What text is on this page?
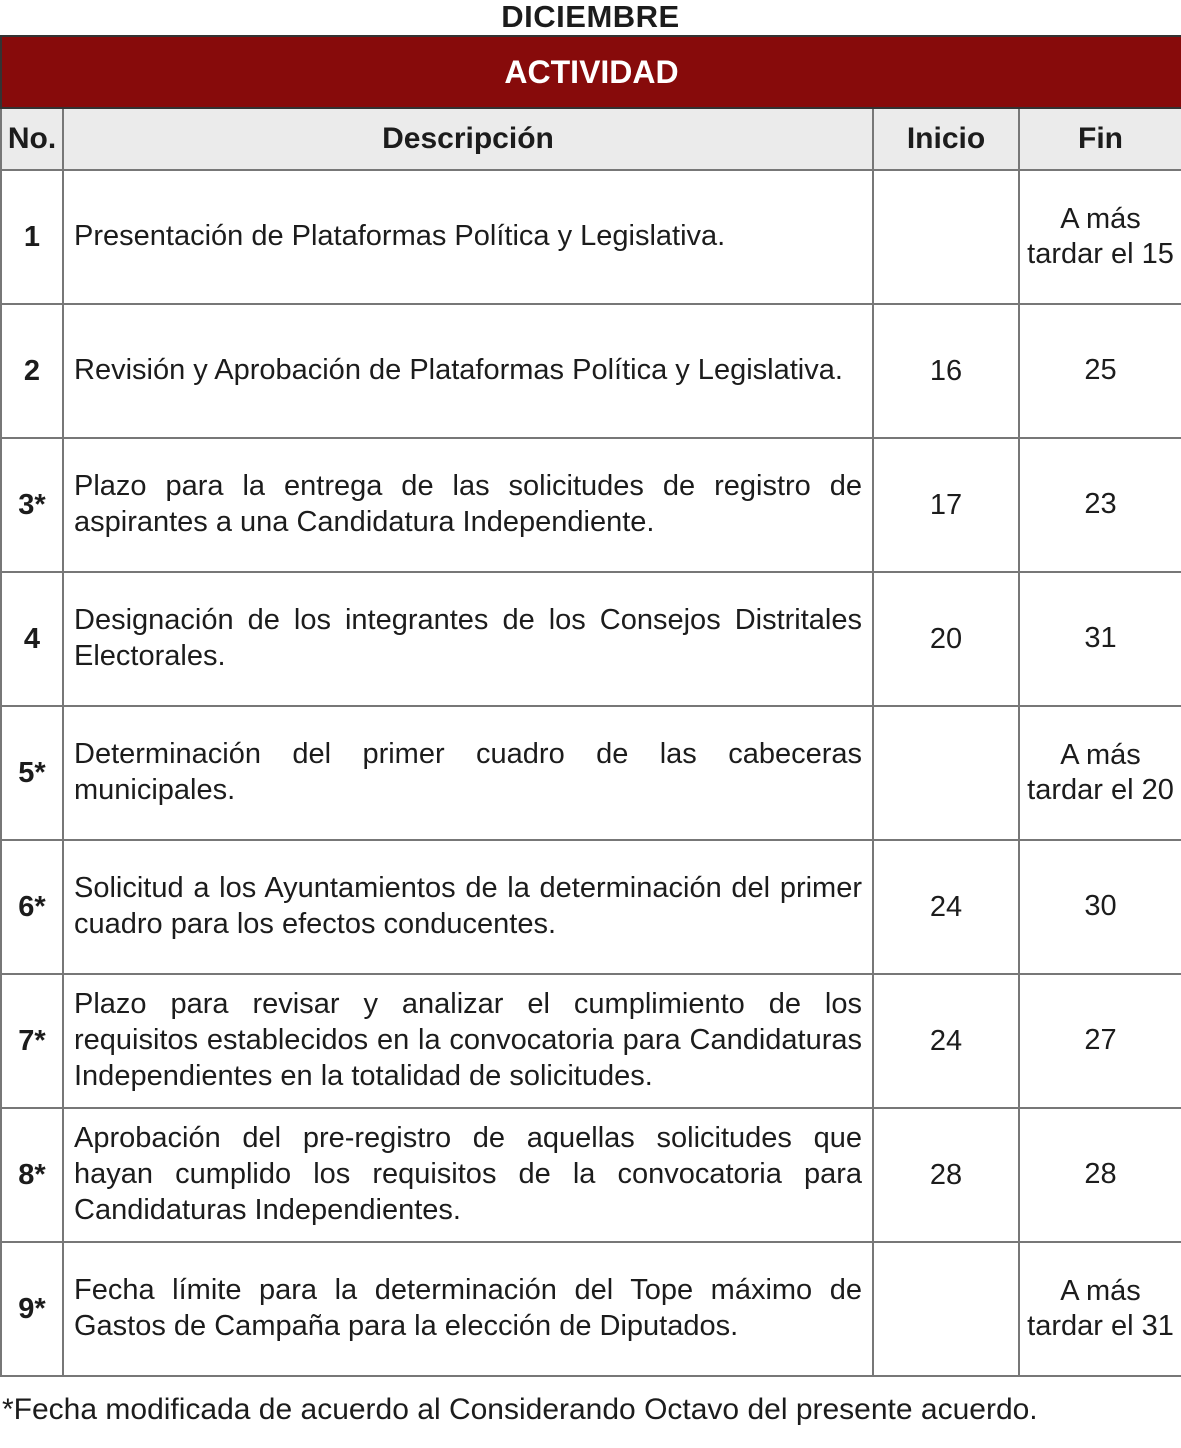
DICIEMBRE
ACTIVIDAD			
No.	Descripción	Inicio	Fin
1	Presentación de Plataformas Política y Legislativa.		A más tardar el 15
2	Revisión y Aprobación de Plataformas Política y Legislativa.	16	25
3*	Plazo para la entrega de las solicitudes de registro de aspirantes a una Candidatura Independiente.	17	23
4	Designación de los integrantes de los Consejos Distritales Electorales.	20	31
5*	Determinación del primer cuadro de las cabeceras municipales.		A más tardar el 20
6*	Solicitud a los Ayuntamientos de la determinación del primer cuadro para los efectos conducentes.	24	30
7*	Plazo para revisar y analizar el cumplimiento de los requisitos establecidos en la convocatoria para Candidaturas Independientes en la totalidad de solicitudes.	24	27
8*	Aprobación del pre-registro de aquellas solicitudes que hayan cumplido los requisitos de la convocatoria para Candidaturas Independientes.	28	28
9*	Fecha límite para la determinación del Tope máximo de Gastos de Campaña para la elección de Diputados.		A más tardar el 31
*Fecha modificada de acuerdo al Considerando Octavo del presente acuerdo.
